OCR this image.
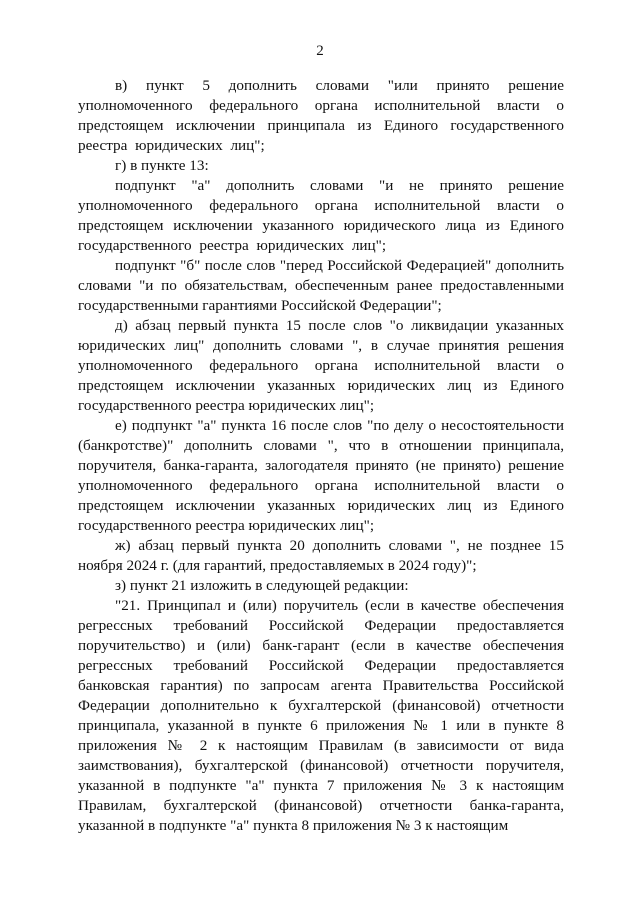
2

в) пункт 5 дополнить словами "или принято решение уполномоченного федерального органа исполнительной власти о предстоящем исключении принципала из Единого государственного реестра юридических лиц";

г) в пункте 13:

подпункт "а" дополнить словами "и не принято решение уполномоченного федерального органа исполнительной власти о предстоящем исключении указанного юридического лица из Единого государственного реестра юридических лиц";

подпункт "б" после слов "перед Российской Федерацией" дополнить словами "и по обязательствам, обеспеченным ранее предоставленными государственными гарантиями Российской Федерации";

д) абзац первый пункта 15 после слов "о ликвидации указанных юридических лиц" дополнить словами ", в случае принятия решения уполномоченного федерального органа исполнительной власти о предстоящем исключении указанных юридических лиц из Единого государственного реестра юридических лиц";

е) подпункт "а" пункта 16 после слов "по делу о несостоятельности (банкротстве)" дополнить словами ", что в отношении принципала, поручителя, банка-гаранта, залогодателя принято (не принято) решение уполномоченного федерального органа исполнительной власти о предстоящем исключении указанных юридических лиц из Единого государственного реестра юридических лиц";

ж) абзац первый пункта 20 дополнить словами ", не позднее 15 ноября 2024 г. (для гарантий, предоставляемых в 2024 году)";

з) пункт 21 изложить в следующей редакции:

"21. Принципал и (или) поручитель (если в качестве обеспечения регрессных требований Российской Федерации предоставляется поручительство) и (или) банк-гарант (если в качестве обеспечения регрессных требований Российской Федерации предоставляется банковская гарантия) по запросам агента Правительства Российской Федерации дополнительно к бухгалтерской (финансовой) отчетности принципала, указанной в пункте 6 приложения № 1 или в пункте 8 приложения № 2 к настоящим Правилам (в зависимости от вида заимствования), бухгалтерской (финансовой) отчетности поручителя, указанной в подпункте "а" пункта 7 приложения № 3 к настоящим Правилам, бухгалтерской (финансовой) отчетности банка-гаранта, указанной в подпункте "а" пункта 8 приложения № 3 к настоящим
